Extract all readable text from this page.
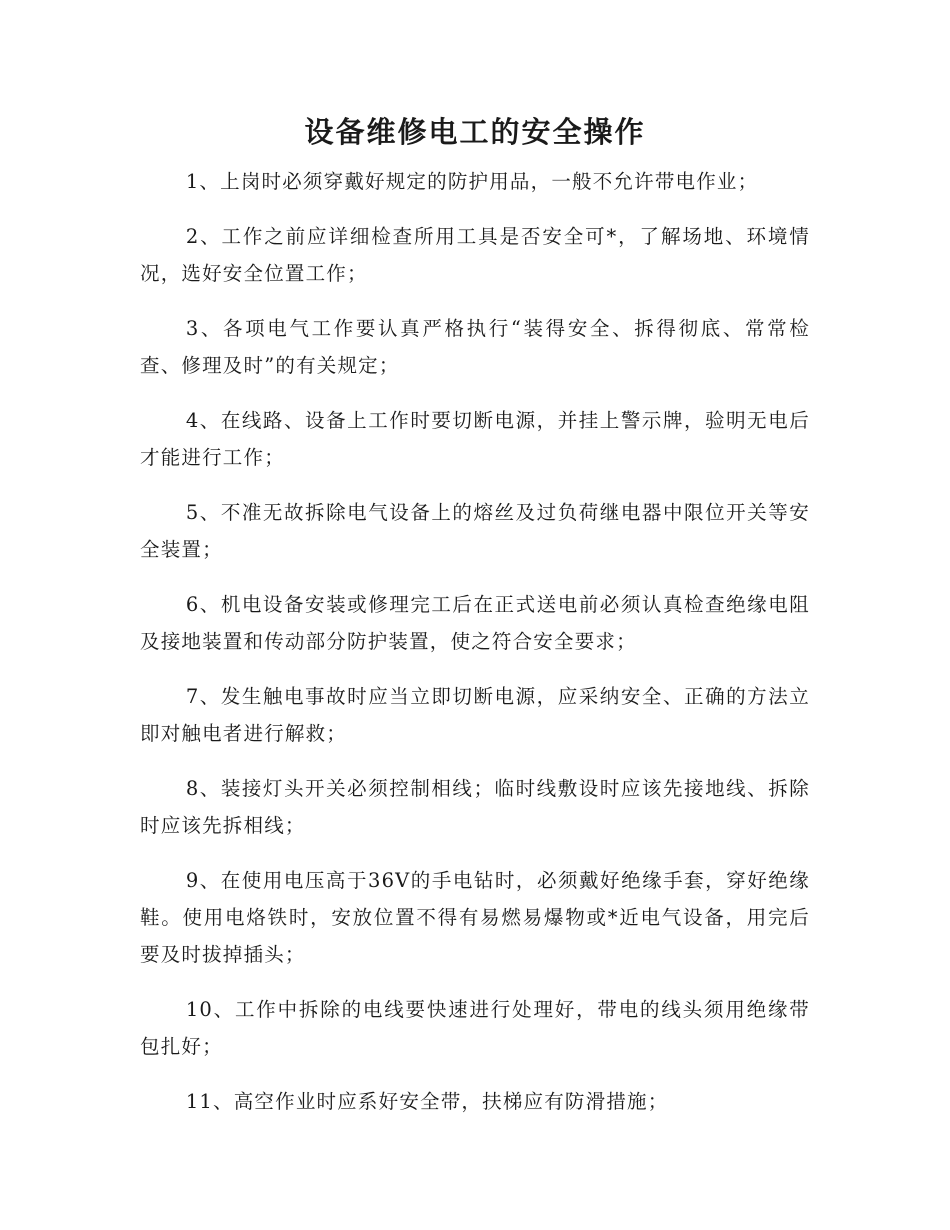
设备维修电工的安全操作

1、上岗时必须穿戴好规定的防护用品，一般不允许带电作业；

2、工作之前应详细检查所用工具是否安全可*，了解场地、环境情况，选好安全位置工作；

3、各项电气工作要认真严格执行“装得安全、拆得彻底、常常检查、修理及时”的有关规定；

4、在线路、设备上工作时要切断电源，并挂上警示牌，验明无电后才能进行工作；

5、不准无故拆除电气设备上的熔丝及过负荷继电器中限位开关等安全装置；

6、机电设备安装或修理完工后在正式送电前必须认真检查绝缘电阻及接地装置和传动部分防护装置，使之符合安全要求；

7、发生触电事故时应当立即切断电源，应采纳安全、正确的方法立即对触电者进行解救；

8、装接灯头开关必须控制相线；临时线敷设时应该先接地线、拆除时应该先拆相线；

9、在使用电压高于36V的手电钻时，必须戴好绝缘手套，穿好绝缘鞋。使用电烙铁时，安放位置不得有易燃易爆物或*近电气设备，用完后要及时拔掉插头；

10、工作中拆除的电线要快速进行处理好，带电的线头须用绝缘带包扎好；

11、高空作业时应系好安全带，扶梯应有防滑措施；
